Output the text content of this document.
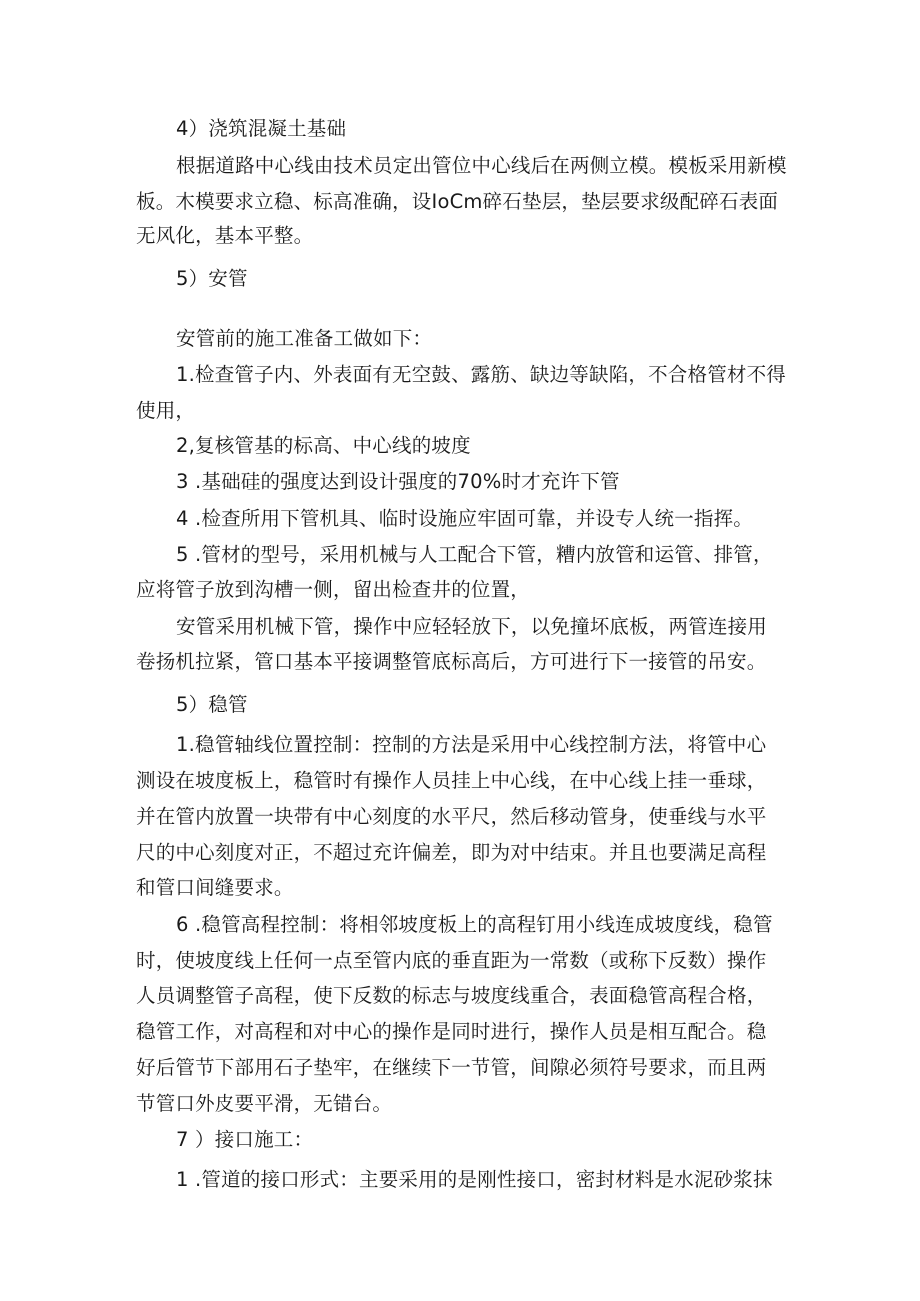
4）浇筑混凝土基础

根据道路中心线由技术员定出管位中心线后在两侧立模。模板采用新模

板。木模要求立稳、标高准确，设IoCm碎石垫层，垫层要求级配碎石表面

无风化，基本平整。

5）安管

安管前的施工准备工做如下：

1.检查管子内、外表面有无空鼓、露筋、缺边等缺陷，不合格管材不得

使用，

2,复核管基的标高、中心线的坡度

3 .基础硅的强度达到设计强度的70%时才充许下管

4 .检查所用下管机具、临时设施应牢固可靠，并设专人统一指挥。

5 .管材的型号，采用机械与人工配合下管，糟内放管和运管、排管，

应将管子放到沟槽一侧，留出检查井的位置，

安管采用机械下管，操作中应轻轻放下，以免撞坏底板，两管连接用

卷扬机拉紧，管口基本平接调整管底标高后，方可进行下一接管的吊安。

5）稳管

1.稳管轴线位置控制：控制的方法是采用中心线控制方法，将管中心

测设在坡度板上，稳管时有操作人员挂上中心线，在中心线上挂一垂球，

并在管内放置一块带有中心刻度的水平尺，然后移动管身，使垂线与水平

尺的中心刻度对正，不超过充许偏差，即为对中结束。并且也要满足高程

和管口间缝要求。

6 .稳管高程控制：将相邻坡度板上的高程钉用小线连成坡度线，稳管

时，使坡度线上任何一点至管内底的垂直距为一常数（或称下反数）操作

人员调整管子高程，使下反数的标志与坡度线重合，表面稳管高程合格，

稳管工作，对高程和对中心的操作是同时进行，操作人员是相互配合。稳

好后管节下部用石子垫牢，在继续下一节管，间隙必须符号要求，而且两

节管口外皮要平滑，无错台。

7 ）接口施工：

1 .管道的接口形式：主要采用的是刚性接口，密封材料是水泥砂浆抹
